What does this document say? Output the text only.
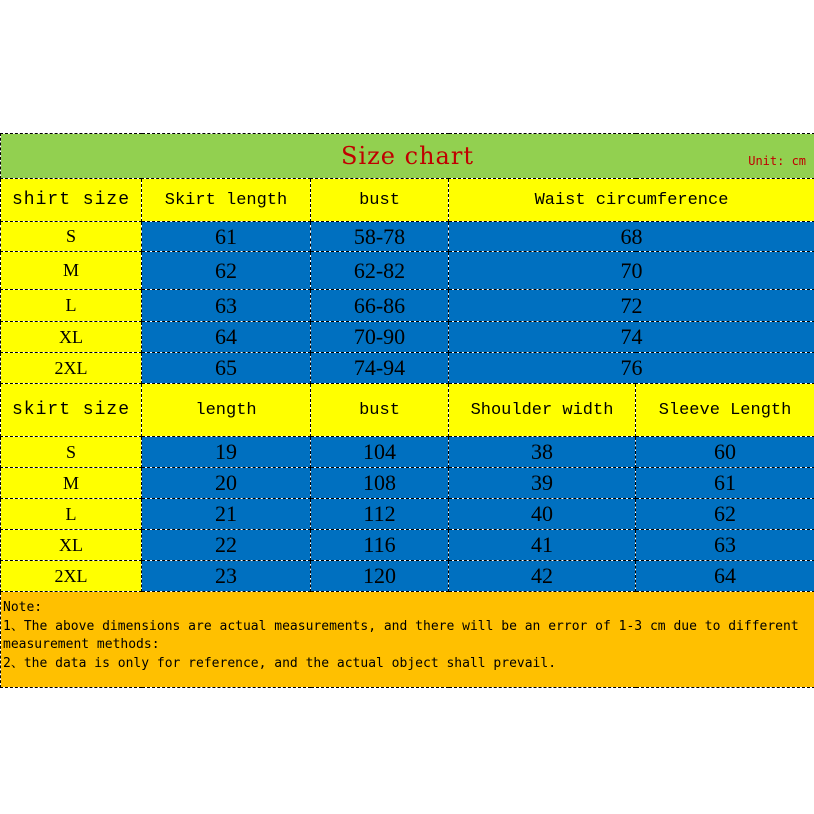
Size chart Unit: cm				

shirt size	Skirt length	bust	Waist circumference	
S	61	58-78	68	
M	62	62-82	70	
L	63	66-86	72	
XL	64	70-90	74	
2XL	65	74-94	76	
skirt size	length	bust	Shoulder width	Sleeve Length
S	19	104	38	60
M	20	108	39	61
L	21	112	40	62
XL	22	116	41	63
2XL	23	120	42	64

Note:
1、The above dimensions are actual measurements, and there will be an error of 1-3 cm due to different measurement methods:
2、the data is only for reference, and the actual object shall prevail.				
